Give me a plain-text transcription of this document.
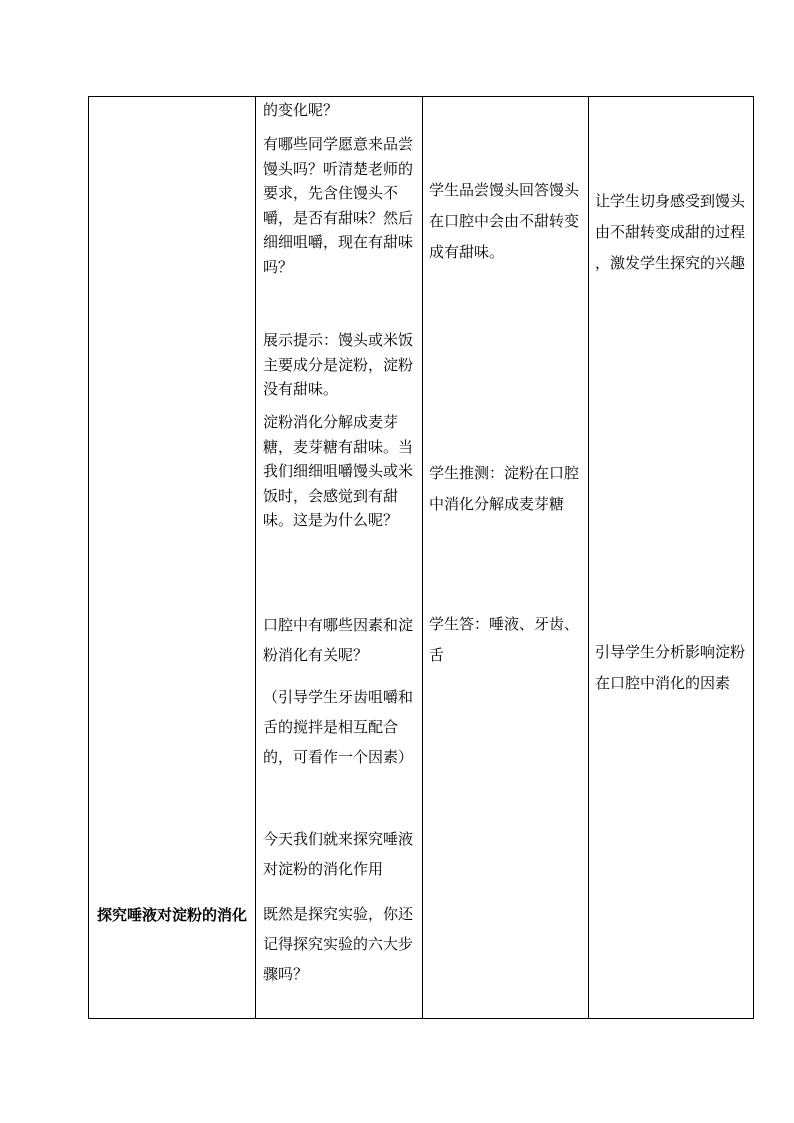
探究唾液对淀粉的消化

的变化呢？

有哪些同学愿意来品尝馒头吗？听清楚老师的要求，先含住馒头不嚼，是否有甜味？然后细细咀嚼，现在有甜味吗？

展示提示：馒头或米饭主要成分是淀粉，淀粉没有甜味。

淀粉消化分解成麦芽糖，麦芽糖有甜味。当我们细细咀嚼馒头或米饭时，会感觉到有甜味。这是为什么呢？

口腔中有哪些因素和淀粉消化有关呢？

（引导学生牙齿咀嚼和舌的搅拌是相互配合的，可看作一个因素）

今天我们就来探究唾液对淀粉的消化作用

既然是探究实验，你还记得探究实验的六大步骤吗？

学生品尝馒头回答馒头在口腔中会由不甜转变成有甜味。

学生推测：淀粉在口腔中消化分解成麦芽糖

学生答：唾液、牙齿、舌

让学生切身感受到馒头由不甜转变成甜的过程 ，激发学生探究的兴趣

引导学生分析影响淀粉在口腔中消化的因素
